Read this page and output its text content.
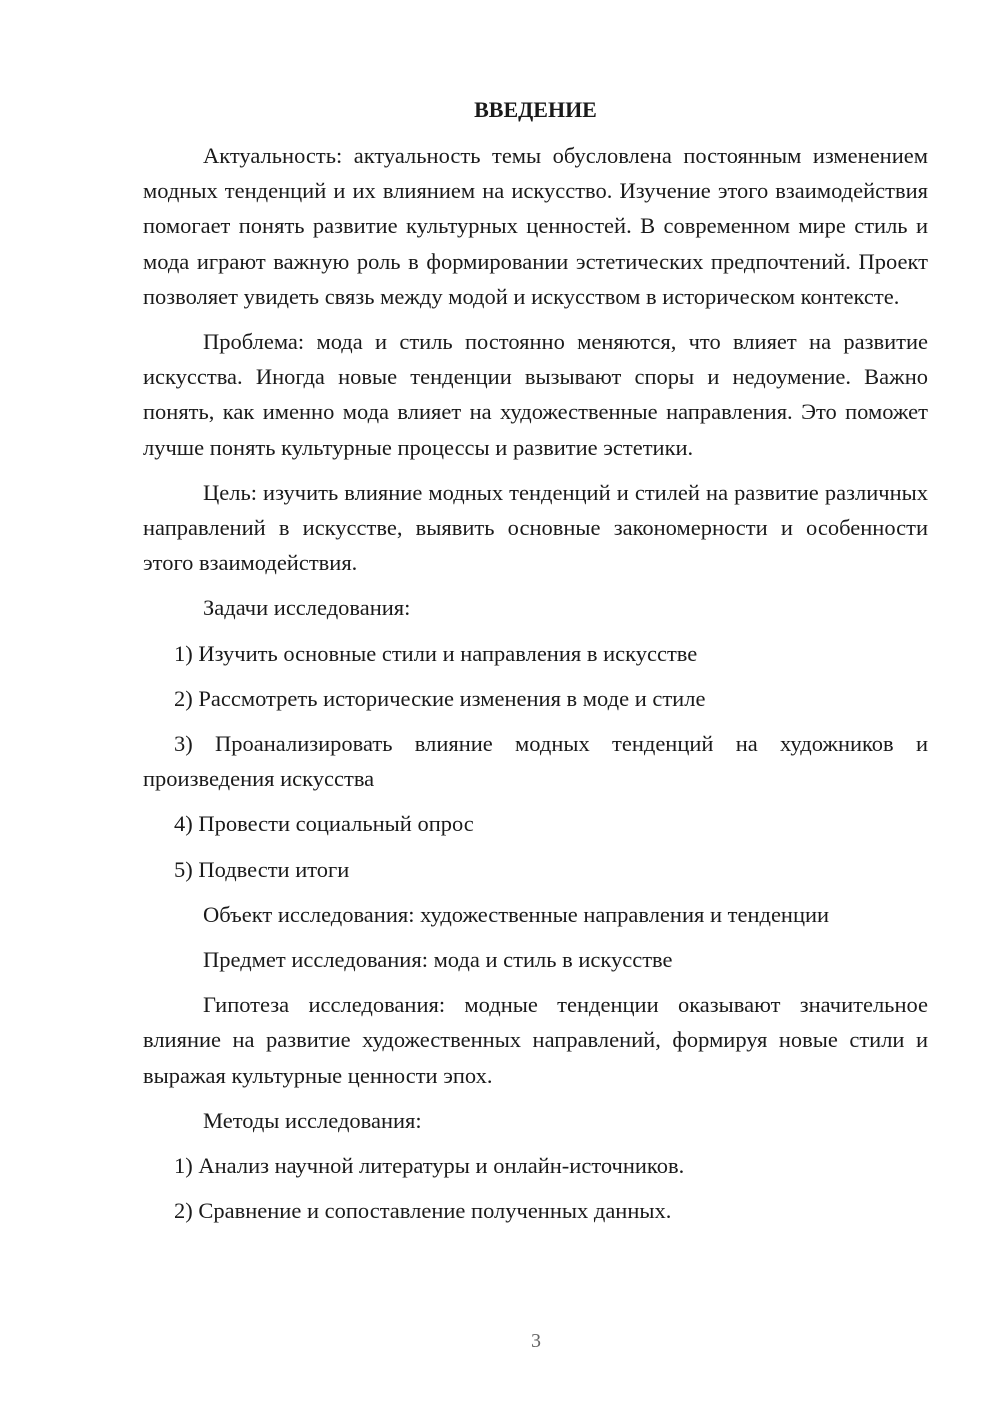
ВВЕДЕНИЕ

Актуальность: актуальность темы обусловлена постоянным изменением модных тенденций и их влиянием на искусство. Изучение этого взаимодействия помогает понять развитие культурных ценностей. В современном мире стиль и мода играют важную роль в формировании эстетических предпочтений. Проект позволяет увидеть связь между модой и искусством в историческом контексте.

Проблема: мода и стиль постоянно меняются, что влияет на развитие искусства. Иногда новые тенденции вызывают споры и недоумение. Важно понять, как именно мода влияет на художественные направления. Это поможет лучше понять культурные процессы и развитие эстетики.

Цель: изучить влияние модных тенденций и стилей на развитие различных направлений в искусстве, выявить основные закономерности и особенности этого взаимодействия.

Задачи исследования:

1) Изучить основные стили и направления в искусстве

2) Рассмотреть исторические изменения в моде и стиле

3) Проанализировать влияние модных тенденций на художников и произведения искусства

4) Провести социальный опрос

5) Подвести итоги

Объект исследования: художественные направления и тенденции

Предмет исследования: мода и стиль в искусстве

Гипотеза исследования: модные тенденции оказывают значительное влияние на развитие художественных направлений, формируя новые стили и выражая культурные ценности эпох.

Методы исследования:

1) Анализ научной литературы и онлайн-источников.

2) Сравнение и сопоставление полученных данных.

3
